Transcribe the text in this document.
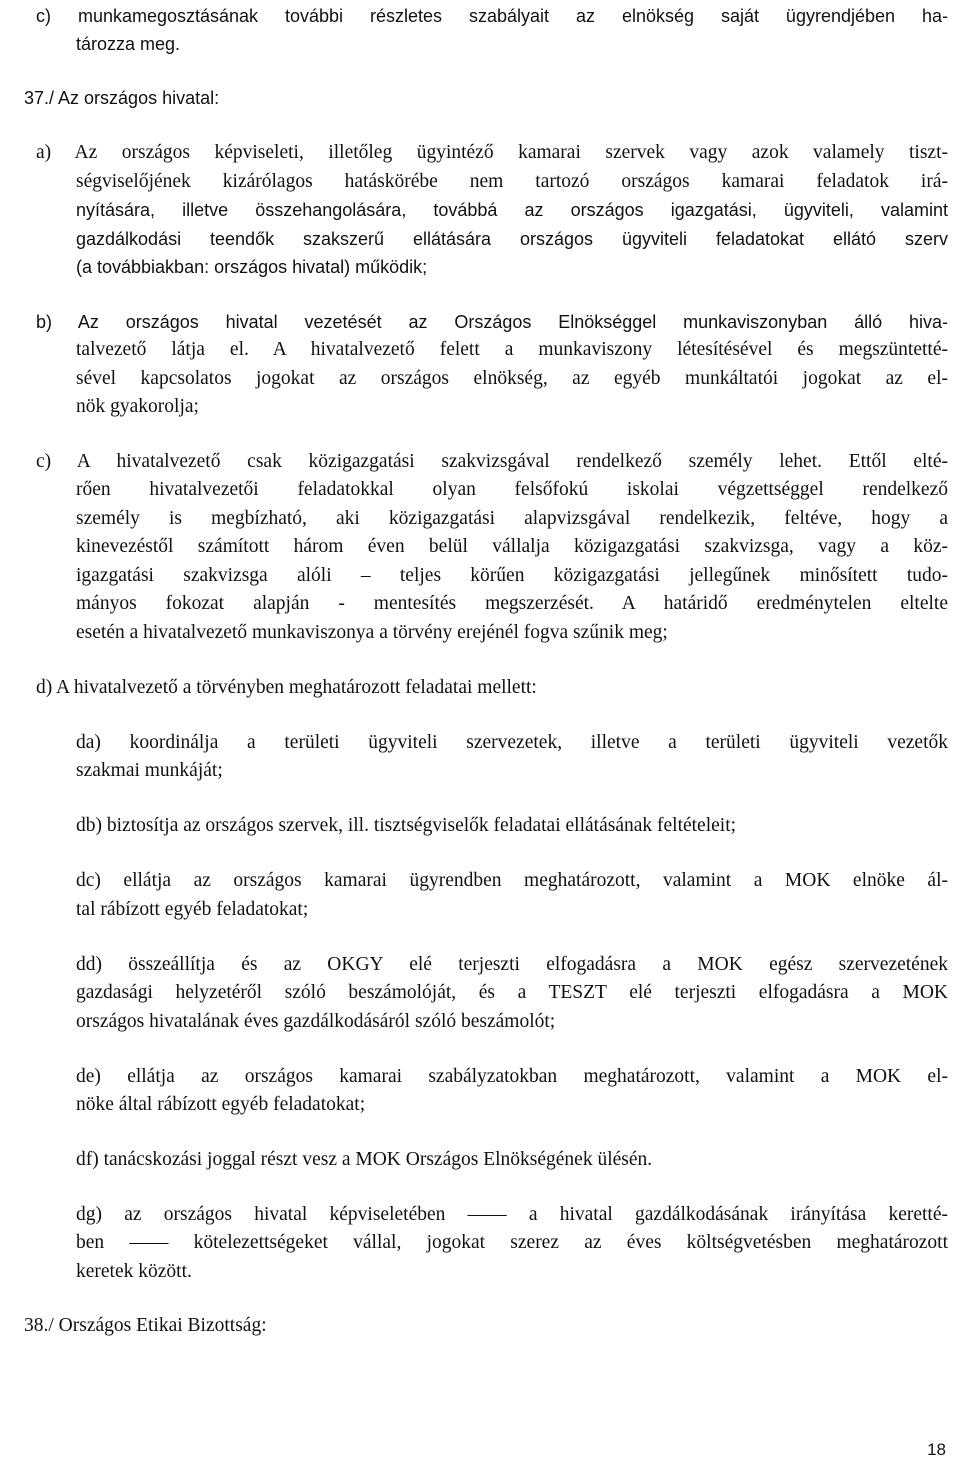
c) munkamegosztásának további részletes szabályait az elnökség saját ügyrendjében ha-
tározza meg.
37./ Az országos hivatal:
a) Az országos képviseleti, illetőleg ügyintéző kamarai szervek vagy azok valamely tiszt-
ségviselőjének kizárólagos hatáskörébe nem tartozó országos kamarai feladatok irá-
nyítására, illetve összehangolására, továbbá az országos igazgatási, ügyviteli, valamint
gazdálkodási teendők szakszerű ellátására országos ügyviteli feladatokat ellátó szerv
(a továbbiakban: országos hivatal) működik;
b) Az országos hivatal vezetését az Országos Elnökséggel munkaviszonyban álló hiva-
talvezető látja el. A hivatalvezető felett a munkaviszony létesítésével és megszüntetté-
sével kapcsolatos jogokat az országos elnökség, az egyéb munkáltatói jogokat az el-
nök gyakorolja;
c) A hivatalvezető csak közigazgatási szakvizsgával rendelkező személy lehet. Ettől elté-
rően hivatalvezetői feladatokkal olyan felsőfokú iskolai végzettséggel rendelkező
személy is megbízható, aki közigazgatási alapvizsgával rendelkezik, feltéve, hogy a
kinevezéstől számított három éven belül vállalja közigazgatási szakvizsga, vagy a köz-
igazgatási szakvizsga alóli – teljes körűen közigazgatási jellegűnek minősített tudo-
mányos fokozat alapján - mentesítés megszerzését. A határidő eredménytelen eltelte
esetén a hivatalvezető munkaviszonya a törvény erejénél fogva szűnik meg;
d) A hivatalvezető a törvényben meghatározott feladatai mellett:
da) koordinálja a területi ügyviteli szervezetek, illetve a területi ügyviteli vezetők
szakmai munkáját;
db) biztosítja az országos szervek, ill. tisztségviselők feladatai ellátásának feltételeit;
dc) ellátja az országos kamarai ügyrendben meghatározott, valamint a MOK elnöke ál-
tal rábízott egyéb feladatokat;
dd) összeállítja és az OKGY elé terjeszti elfogadásra a MOK egész szervezetének
gazdasági helyzetéről szóló beszámolóját, és a TESZT elé terjeszti elfogadásra a MOK
országos hivatalának éves gazdálkodásáról szóló beszámolót;
de) ellátja az országos kamarai szabályzatokban meghatározott, valamint a MOK el-
nöke által rábízott egyéb feladatokat;
df) tanácskozási joggal részt vesz a MOK Országos Elnökségének ülésén.
dg) az országos hivatal képviseletében —— a hivatal gazdálkodásának irányítása keretté-
ben —— kötelezettségeket vállal, jogokat szerez az éves költségvetésben meghatározott
keretek között.
38./ Országos Etikai Bizottság:
18
